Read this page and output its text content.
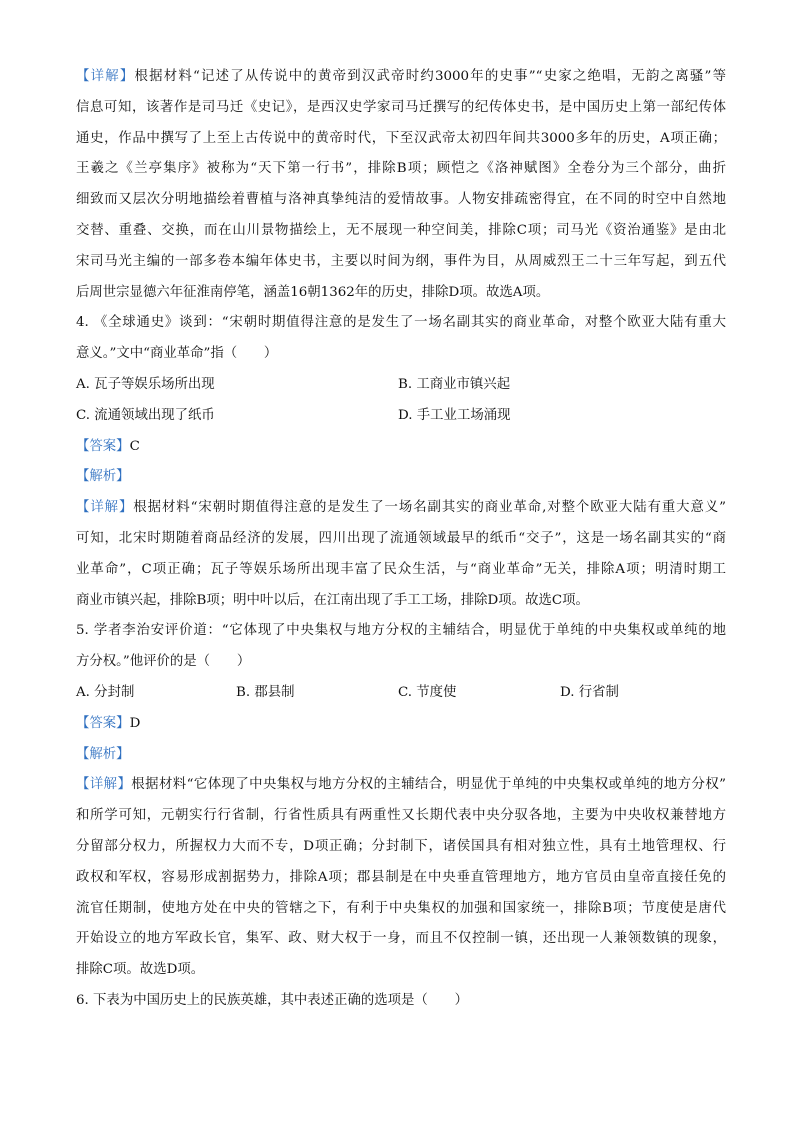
【详解】根据材料“记述了从传说中的黄帝到汉武帝时约3000年的史事”“史家之绝唱，无韵之离骚”等
信息可知，该著作是司马迁《史记》，是西汉史学家司马迁撰写的纪传体史书，是中国历史上第一部纪传体
通史，作品中撰写了上至上古传说中的黄帝时代，下至汉武帝太初四年间共3000多年的历史，A项正确；
王羲之《兰亭集序》被称为“天下第一行书”，排除B项；顾恺之《洛神赋图》全卷分为三个部分，曲折
细致而又层次分明地描绘着曹植与洛神真挚纯洁的爱情故事。人物安排疏密得宜，在不同的时空中自然地
交替、重叠、交换，而在山川景物描绘上，无不展现一种空间美，排除C项；司马光《资治通鉴》是由北
宋司马光主编的一部多卷本编年体史书，主要以时间为纲，事件为目，从周威烈王二十三年写起，到五代
后周世宗显德六年征淮南停笔，涵盖16朝1362年的历史，排除D项。故选A项。
4. 《全球通史》谈到：“宋朝时期值得注意的是发生了一场名副其实的商业革命，对整个欧亚大陆有重大
意义。”文中“商业革命”指（　　）
A. 瓦子等娱乐场所出现	B. 工商业市镇兴起
C. 流通领域出现了纸币	D. 手工业工场涌现
【答案】C
【解析】
【详解】根据材料“宋朝时期值得注意的是发生了一场名副其实的商业革命,对整个欧亚大陆有重大意义”
可知，北宋时期随着商品经济的发展，四川出现了流通领域最早的纸币“交子”，这是一场名副其实的“商
业革命”，C项正确；瓦子等娱乐场所出现丰富了民众生活，与“商业革命”无关，排除A项；明清时期工
商业市镇兴起，排除B项；明中叶以后，在江南出现了手工工场，排除D项。故选C项。
5. 学者李治安评价道：“它体现了中央集权与地方分权的主辅结合，明显优于单纯的中央集权或单纯的地
方分权。”他评价的是（　　）
A. 分封制	B. 郡县制	C. 节度使	D. 行省制
【答案】D
【解析】
【详解】根据材料“它体现了中央集权与地方分权的主辅结合，明显优于单纯的中央集权或单纯的地方分权”
和所学可知，元朝实行行省制，行省性质具有两重性又长期代表中央分驭各地，主要为中央收权兼替地方
分留部分权力，所握权力大而不专，D项正确；分封制下，诸侯国具有相对独立性，具有土地管理权、行
政权和军权，容易形成割据势力，排除A项；郡县制是在中央垂直管理地方，地方官员由皇帝直接任免的
流官任期制，使地方处在中央的管辖之下，有利于中央集权的加强和国家统一，排除B项；节度使是唐代
开始设立的地方军政长官，集军、政、财大权于一身，而且不仅控制一镇，还出现一人兼领数镇的现象，
排除C项。故选D项。
6. 下表为中国历史上的民族英雄，其中表述正确的选项是（　　）
